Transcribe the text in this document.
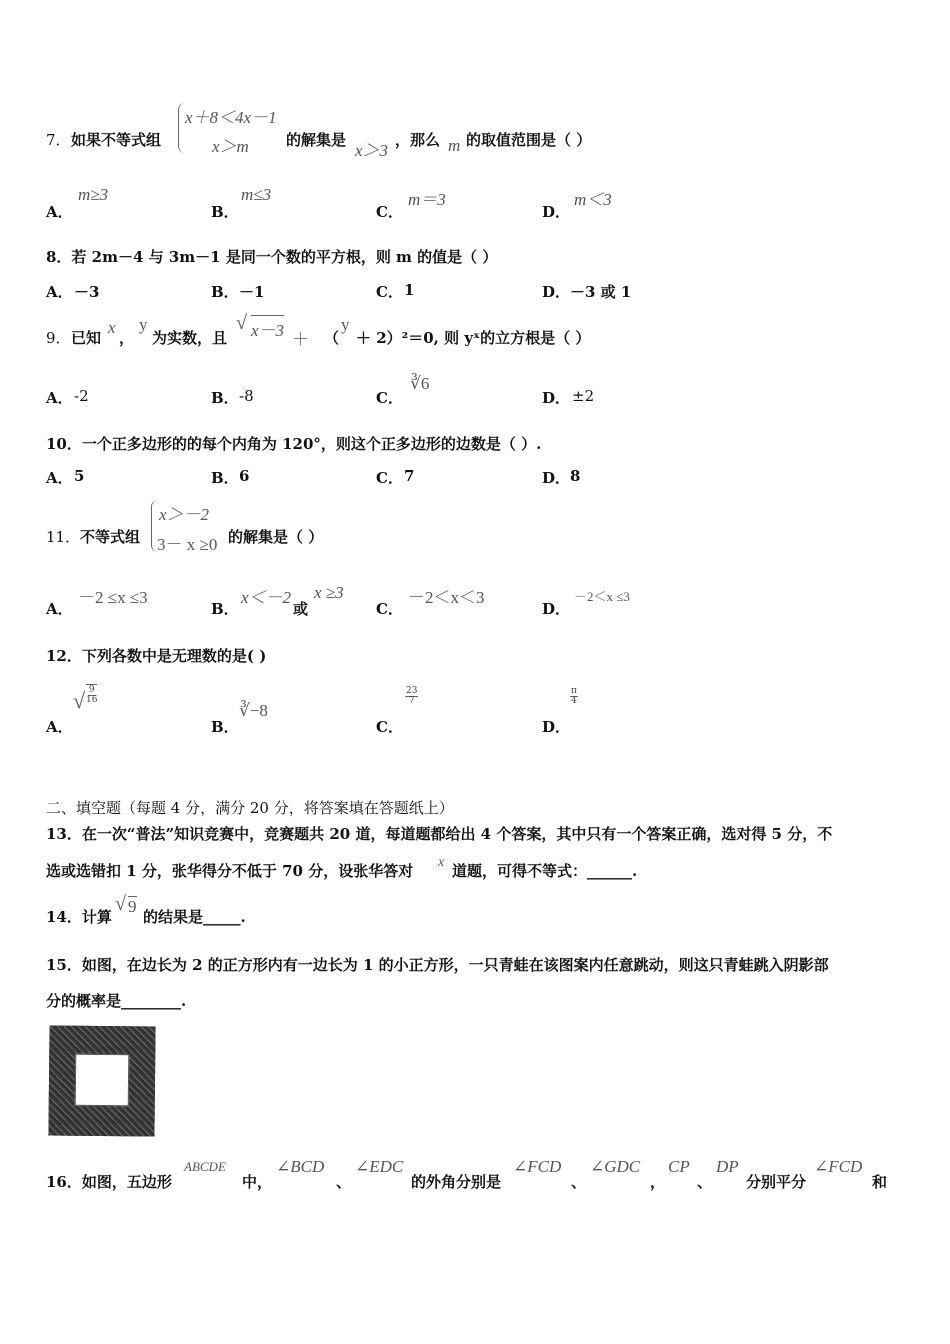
7． 如果不等式组
x＋8＜4x－1
x＞m 的解集是
x＞3
，那么 m 的取值范围是（ ）
A．
m≥3
B．
m≤3
C．
m＝3
D．
m＜3
8．若 2m－4 与 3m－1 是同一个数的平方根，则 m 的值是（ ）
A． －3	B． －1	C． 1	D． －3 或 1
9． 已知
x
，
y
为实数，且
√ x－3 ＋ （
y
＋ 2）²＝0, 则 yˣ的立方根是（ ）
A． -2	B． -8	C．
∛6
D． ±2
10．一个正多边形的的每个内角为 120°，则这个正多边形的边数是（ ）.
A． 5	B． 6	C． 7	D． 8
11． 不等式组
x＞－2
3－ x ≥0 的解集是（ ）
A．
－2 ≤x ≤3
B．
x＜－2
或
x ≥3
C．
－2＜x＜3
D．
－2＜x ≤3
12．下列各数中是无理数的是( )
A．
√ $\frac{9}{16}$
B．
∛−8
C．
$\frac{23}{7}$
D．
$\frac{\pi}{4}$
二、填空题（每题 4 分，满分 20 分，将答案填在答题纸上）
13．在一次“普法”知识竞赛中，竞赛题共 20 道，每道题都给出 4 个答案，其中只有一个答案正确，选对得 5 分，不
选或选错扣 1 分，张华得分不低于 70 分，设张华答对 x 道题，可得不等式：______.
14．计算
√ 9
的结果是_____.
15．如图，在边长为 2 的正方形内有一边长为 1 的小正方形，一只青蛙在该图案内任意跳动，则这只青蛙跳入阴影部
分的概率是________.
16．如图，五边形
ABCDE
中，
∠BCD
、
∠EDC
的外角分别是
∠FCD
、
∠GDC
，
CP
、
DP
分别平分
∠FCD
和
